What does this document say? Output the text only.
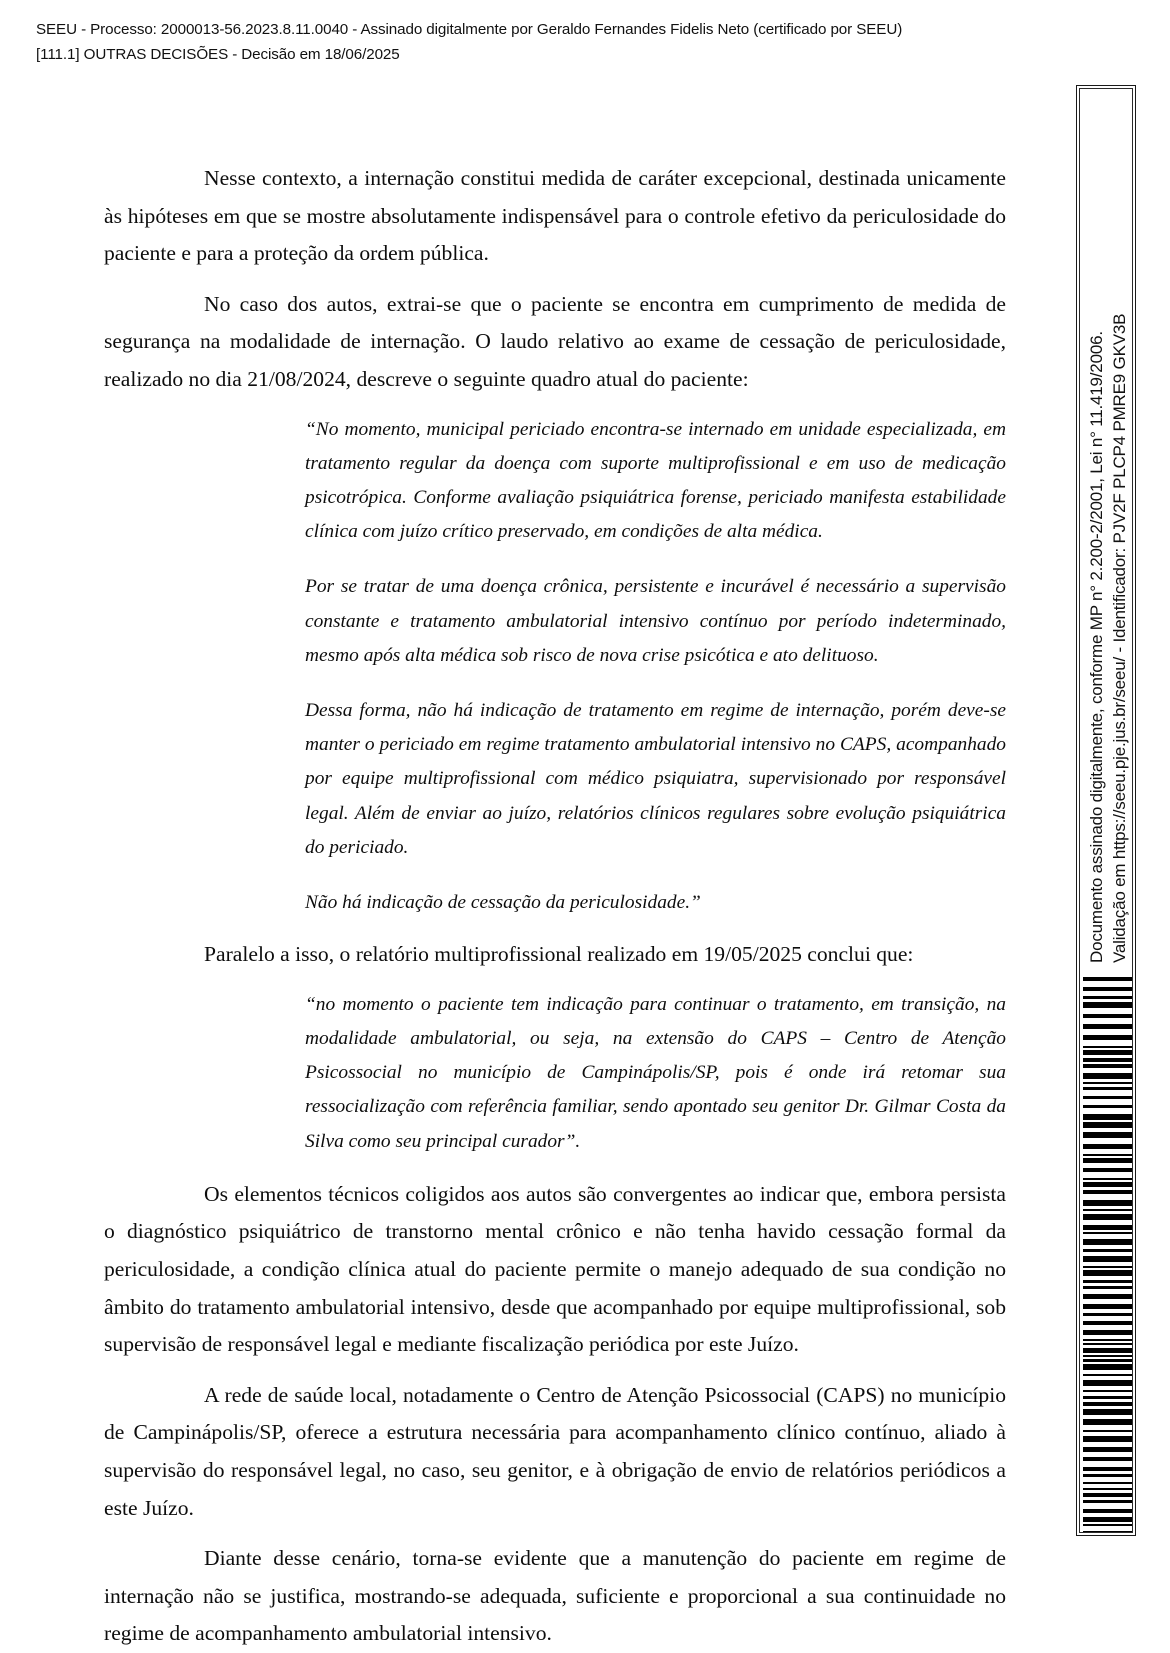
SEEU - Processo: 2000013-56.2023.8.11.0040 - Assinado digitalmente por Geraldo Fernandes Fidelis Neto (certificado por SEEU)
[111.1] OUTRAS DECISÕES - Decisão em 18/06/2025

Nesse contexto, a internação constitui medida de caráter excepcional, destinada unicamente às hipóteses em que se mostre absolutamente indispensável para o controle efetivo da periculosidade do paciente e para a proteção da ordem pública.

No caso dos autos, extrai-se que o paciente se encontra em cumprimento de medida de segurança na modalidade de internação. O laudo relativo ao exame de cessação de periculosidade, realizado no dia 21/08/2024, descreve o seguinte quadro atual do paciente:

“No momento, municipal periciado encontra-se internado em unidade especializada, em tratamento regular da doença com suporte multiprofissional e em uso de medicação psicotrópica. Conforme avaliação psiquiátrica forense, periciado manifesta estabilidade clínica com juízo crítico preservado, em condições de alta médica.

Por se tratar de uma doença crônica, persistente e incurável é necessário a supervisão constante e tratamento ambulatorial intensivo contínuo por período indeterminado, mesmo após alta médica sob risco de nova crise psicótica e ato delituoso.

Dessa forma, não há indicação de tratamento em regime de internação, porém deve-se manter o periciado em regime tratamento ambulatorial intensivo no CAPS, acompanhado por equipe multiprofissional com médico psiquiatra, supervisionado por responsável legal. Além de enviar ao juízo, relatórios clínicos regulares sobre evolução psiquiátrica do periciado.

Não há indicação de cessação da periculosidade.”

Paralelo a isso, o relatório multiprofissional realizado em 19/05/2025 conclui que:

“no momento o paciente tem indicação para continuar o tratamento, em transição, na modalidade ambulatorial, ou seja, na extensão do CAPS – Centro de Atenção Psicossocial no município de Campinápolis/SP, pois é onde irá retomar sua ressocialização com referência familiar, sendo apontado seu genitor Dr. Gilmar Costa da Silva como seu principal curador”.

Os elementos técnicos coligidos aos autos são convergentes ao indicar que, embora persista o diagnóstico psiquiátrico de transtorno mental crônico e não tenha havido cessação formal da periculosidade, a condição clínica atual do paciente permite o manejo adequado de sua condição no âmbito do tratamento ambulatorial intensivo, desde que acompanhado por equipe multiprofissional, sob supervisão de responsável legal e mediante fiscalização periódica por este Juízo.

A rede de saúde local, notadamente o Centro de Atenção Psicossocial (CAPS) no município de Campinápolis/SP, oferece a estrutura necessária para acompanhamento clínico contínuo, aliado à supervisão do responsável legal, no caso, seu genitor, e à obrigação de envio de relatórios periódicos a este Juízo.

Diante desse cenário, torna-se evidente que a manutenção do paciente em regime de internação não se justifica, mostrando-se adequada, suficiente e proporcional a sua continuidade no regime de acompanhamento ambulatorial intensivo.

Documento assinado digitalmente, conforme MP n° 2.200-2/2001, Lei n° 11.419/2006. Validação em https://seeu.pje.jus.br/seeu/ - Identificador: PJV2F PLCP4 PMRE9 GKV3B
